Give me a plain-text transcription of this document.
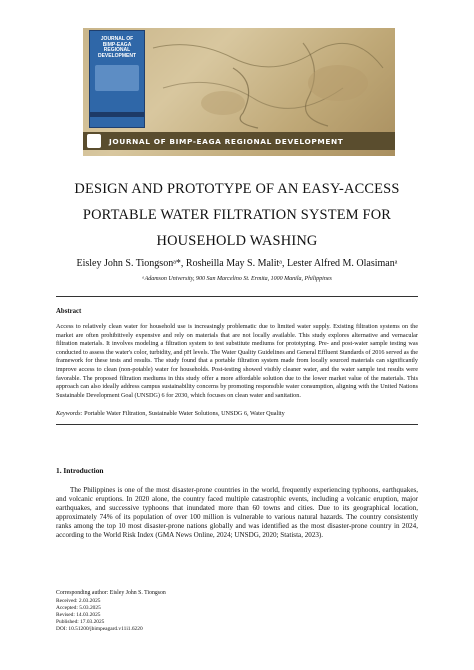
JOURNAL OF
BIMP-EAGA
REGIONAL
DEVELOPMENT
JOURNAL OF BIMP-EAGA REGIONAL DEVELOPMENT
DESIGN AND PROTOTYPE OF AN EASY-ACCESS
PORTABLE WATER FILTRATION SYSTEM FOR
HOUSEHOLD WASHING
Eisley John S. Tiongsonᵃ*, Rosheilla May S. Malitᵃ, Lester Alfred M. Olasimanᵃ
ᵃAdamson University, 900 San Marcelino St. Ermita, 1000 Manila, Philippines
Abstract
Access to relatively clean water for household use is increasingly problematic due to limited water supply. Existing filtration systems on the market are often prohibitively expensive and rely on materials that are not locally available. This study explores alternative and vernacular filtration materials. It involves modeling a filtration system to test substitute mediums for prototyping. Pre- and post-water sample testing was conducted to assess the water's color, turbidity, and pH levels. The Water Quality Guidelines and General Effluent Standards of 2016 served as the framework for these tests and results. The study found that a portable filtration system made from locally sourced materials can significantly improve access to clean (non-potable) water for households. Post-testing showed visibly cleaner water, and the water sample test results were favorable. The proposed filtration mediums in this study offer a more affordable solution due to the lower market value of the materials. This approach can also ideally address campus sustainability concerns by promoting responsible water consumption, aligning with the United Nations Sustainable Development Goal (UNSDG) 6 for 2030, which focuses on clean water and sanitation.
Keywords: Portable Water Filtration, Sustainable Water Solutions, UNSDG 6, Water Quality
1. Introduction
The Philippines is one of the most disaster-prone countries in the world, frequently experiencing typhoons, earthquakes, and volcanic eruptions. In 2020 alone, the country faced multiple catastrophic events, including a volcanic eruption, major earthquakes, and successive typhoons that inundated more than 60 towns and cities. Due to its geographical location, approximately 74% of its population of over 100 million is vulnerable to various natural hazards. The country consistently ranks among the top 10 most disaster-prone nations globally and was identified as the most disaster-prone country in 2024, according to the World Risk Index (GMA News Online, 2024; UNSDG, 2020; Statista, 2023).
Corresponding author: Eisley John S. Tiongson
Received: 2.03.2025
Accepted: 5.03.2025
Revised: 14.03.2025
Published: 17.03.2025
DOI: 10.51200/jbimpeagard.v11i1.6220
